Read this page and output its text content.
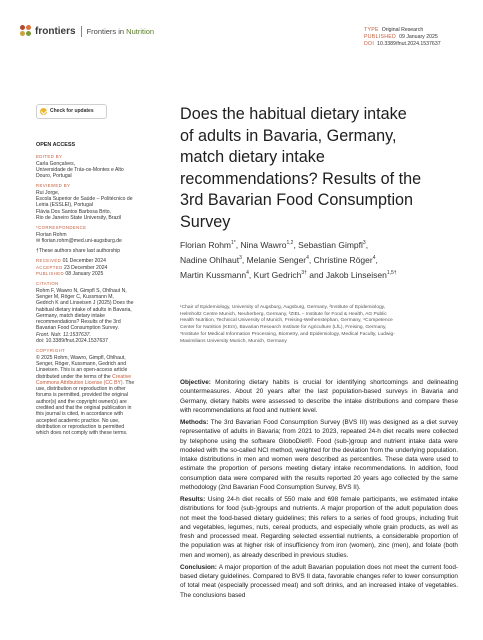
frontiers Frontiers in Nutrition	TYPE Original Research
PUBLISHED 09 January 2025
DOI 10.3389/fnut.2024.1537637
Check for updates
OPEN ACCESS
EDITED BY
Carla Gonçalves,
Universidade de Trás-os-Montes e Alto
Douro, Portugal
REVIEWED BY
Rui Jorge,
Escola Superior de Saúde – Politécnico de
Leiria (ESSLEI), Portugal
Flávia Dos Santos Barbosa Brito,
Rio de Janeiro State University, Brazil
*CORRESPONDENCE
Florian Rohm
✉ florian.rohm@med.uni-augsburg.de
†These authors share last authorship
RECEIVED 01 December 2024
ACCEPTED 23 December 2024
PUBLISHED 08 January 2025
CITATION
Rohm F, Wawro N, Gimpfl S, Ohlhaut N,
Senger M, Röger C, Kussmann M,
Gedrich K and Linseisen J (2025) Does the
habitual dietary intake of adults in Bavaria,
Germany, match dietary intake
recommendations? Results of the 3rd
Bavarian Food Consumption Survey.
Front. Nutr. 11:1537637.
doi: 10.3389/fnut.2024.1537637
COPYRIGHT
© 2025 Rohm, Wawro, Gimpfl, Ohlhaut,
Senger, Röger, Kussmann, Gedrich and
Linseisen. This is an open-access article
distributed under the terms of the Creative
Commons Attribution License (CC BY). The
use, distribution or reproduction in other
forums is permitted, provided the original
author(s) and the copyright owner(s) are
credited and that the original publication in
this journal is cited, in accordance with
accepted academic practice. No use,
distribution or reproduction is permitted
which does not comply with these terms.
Does the habitual dietary intake
of adults in Bavaria, Germany,
match dietary intake
recommendations? Results of the
3rd Bavarian Food Consumption
Survey
Florian Rohm$^{1*}$, Nina Wawro$^{1,2}$, Sebastian Gimpfl$^3$,
Nadine Ohlhaut$^3$, Melanie Senger$^4$, Christine Röger$^4$,
Martin Kussmann$^4$, Kurt Gedrich$^{3\dagger}$ and Jakob Linseisen$^{1,5\dagger}$
¹Chair of Epidemiology, University of Augsburg, Augsburg, Germany, ²Institute of Epidemiology,
Helmholtz Centre Munich, Neuherberg, Germany, ³ZIEL – Institute for Food & Health, AG Public
Health Nutrition, Technical University of Munich, Freising-Weihenstephan, Germany, ⁴Competence
Center for Nutrition (KErn), Bavarian Research Institute for Agriculture (LfL), Freising, Germany,
⁵Institute for Medical Information Processing, Biometry, and Epidemiology, Medical Faculty, Ludwig-
Maximilians University Munich, Munich, Germany

Objective: Monitoring dietary habits is crucial for identifying shortcomings and delineating countermeasures. About 20 years after the last population-based surveys in Bavaria and Germany, dietary habits were assessed to describe the intake distributions and compare these with recommendations at food and nutrient level.

Methods: The 3rd Bavarian Food Consumption Survey (BVS III) was designed as a diet survey representative of adults in Bavaria; from 2021 to 2023, repeated 24-h diet recalls were collected by telephone using the software GloboDiet®. Food (sub-)group and nutrient intake data were modeled with the so-called NCI method, weighted for the deviation from the underlying population. Intake distributions in men and women were described as percentiles. These data were used to estimate the proportion of persons meeting dietary intake recommendations. In addition, food consumption data were compared with the results reported 20 years ago collected by the same methodology (2nd Bavarian Food Consumption Survey, BVS II).

Results: Using 24-h diet recalls of 550 male and 698 female participants, we estimated intake distributions for food (sub-)groups and nutrients. A major proportion of the adult population does not meet the food-based dietary guidelines; this refers to a series of food groups, including fruit and vegetables, legumes, nuts, cereal products, and especially whole grain products, as well as fresh and processed meat. Regarding selected essential nutrients, a considerable proportion of the population was at higher risk of insufficiency from iron (women), zinc (men), and folate (both men and women), as already described in previous studies.

Conclusion: A major proportion of the adult Bavarian population does not meet the current food-based dietary guidelines. Compared to BVS II data, favorable changes refer to lower consumption of total meat (especially processed meat) and soft drinks, and an increased intake of vegetables. The conclusions based
